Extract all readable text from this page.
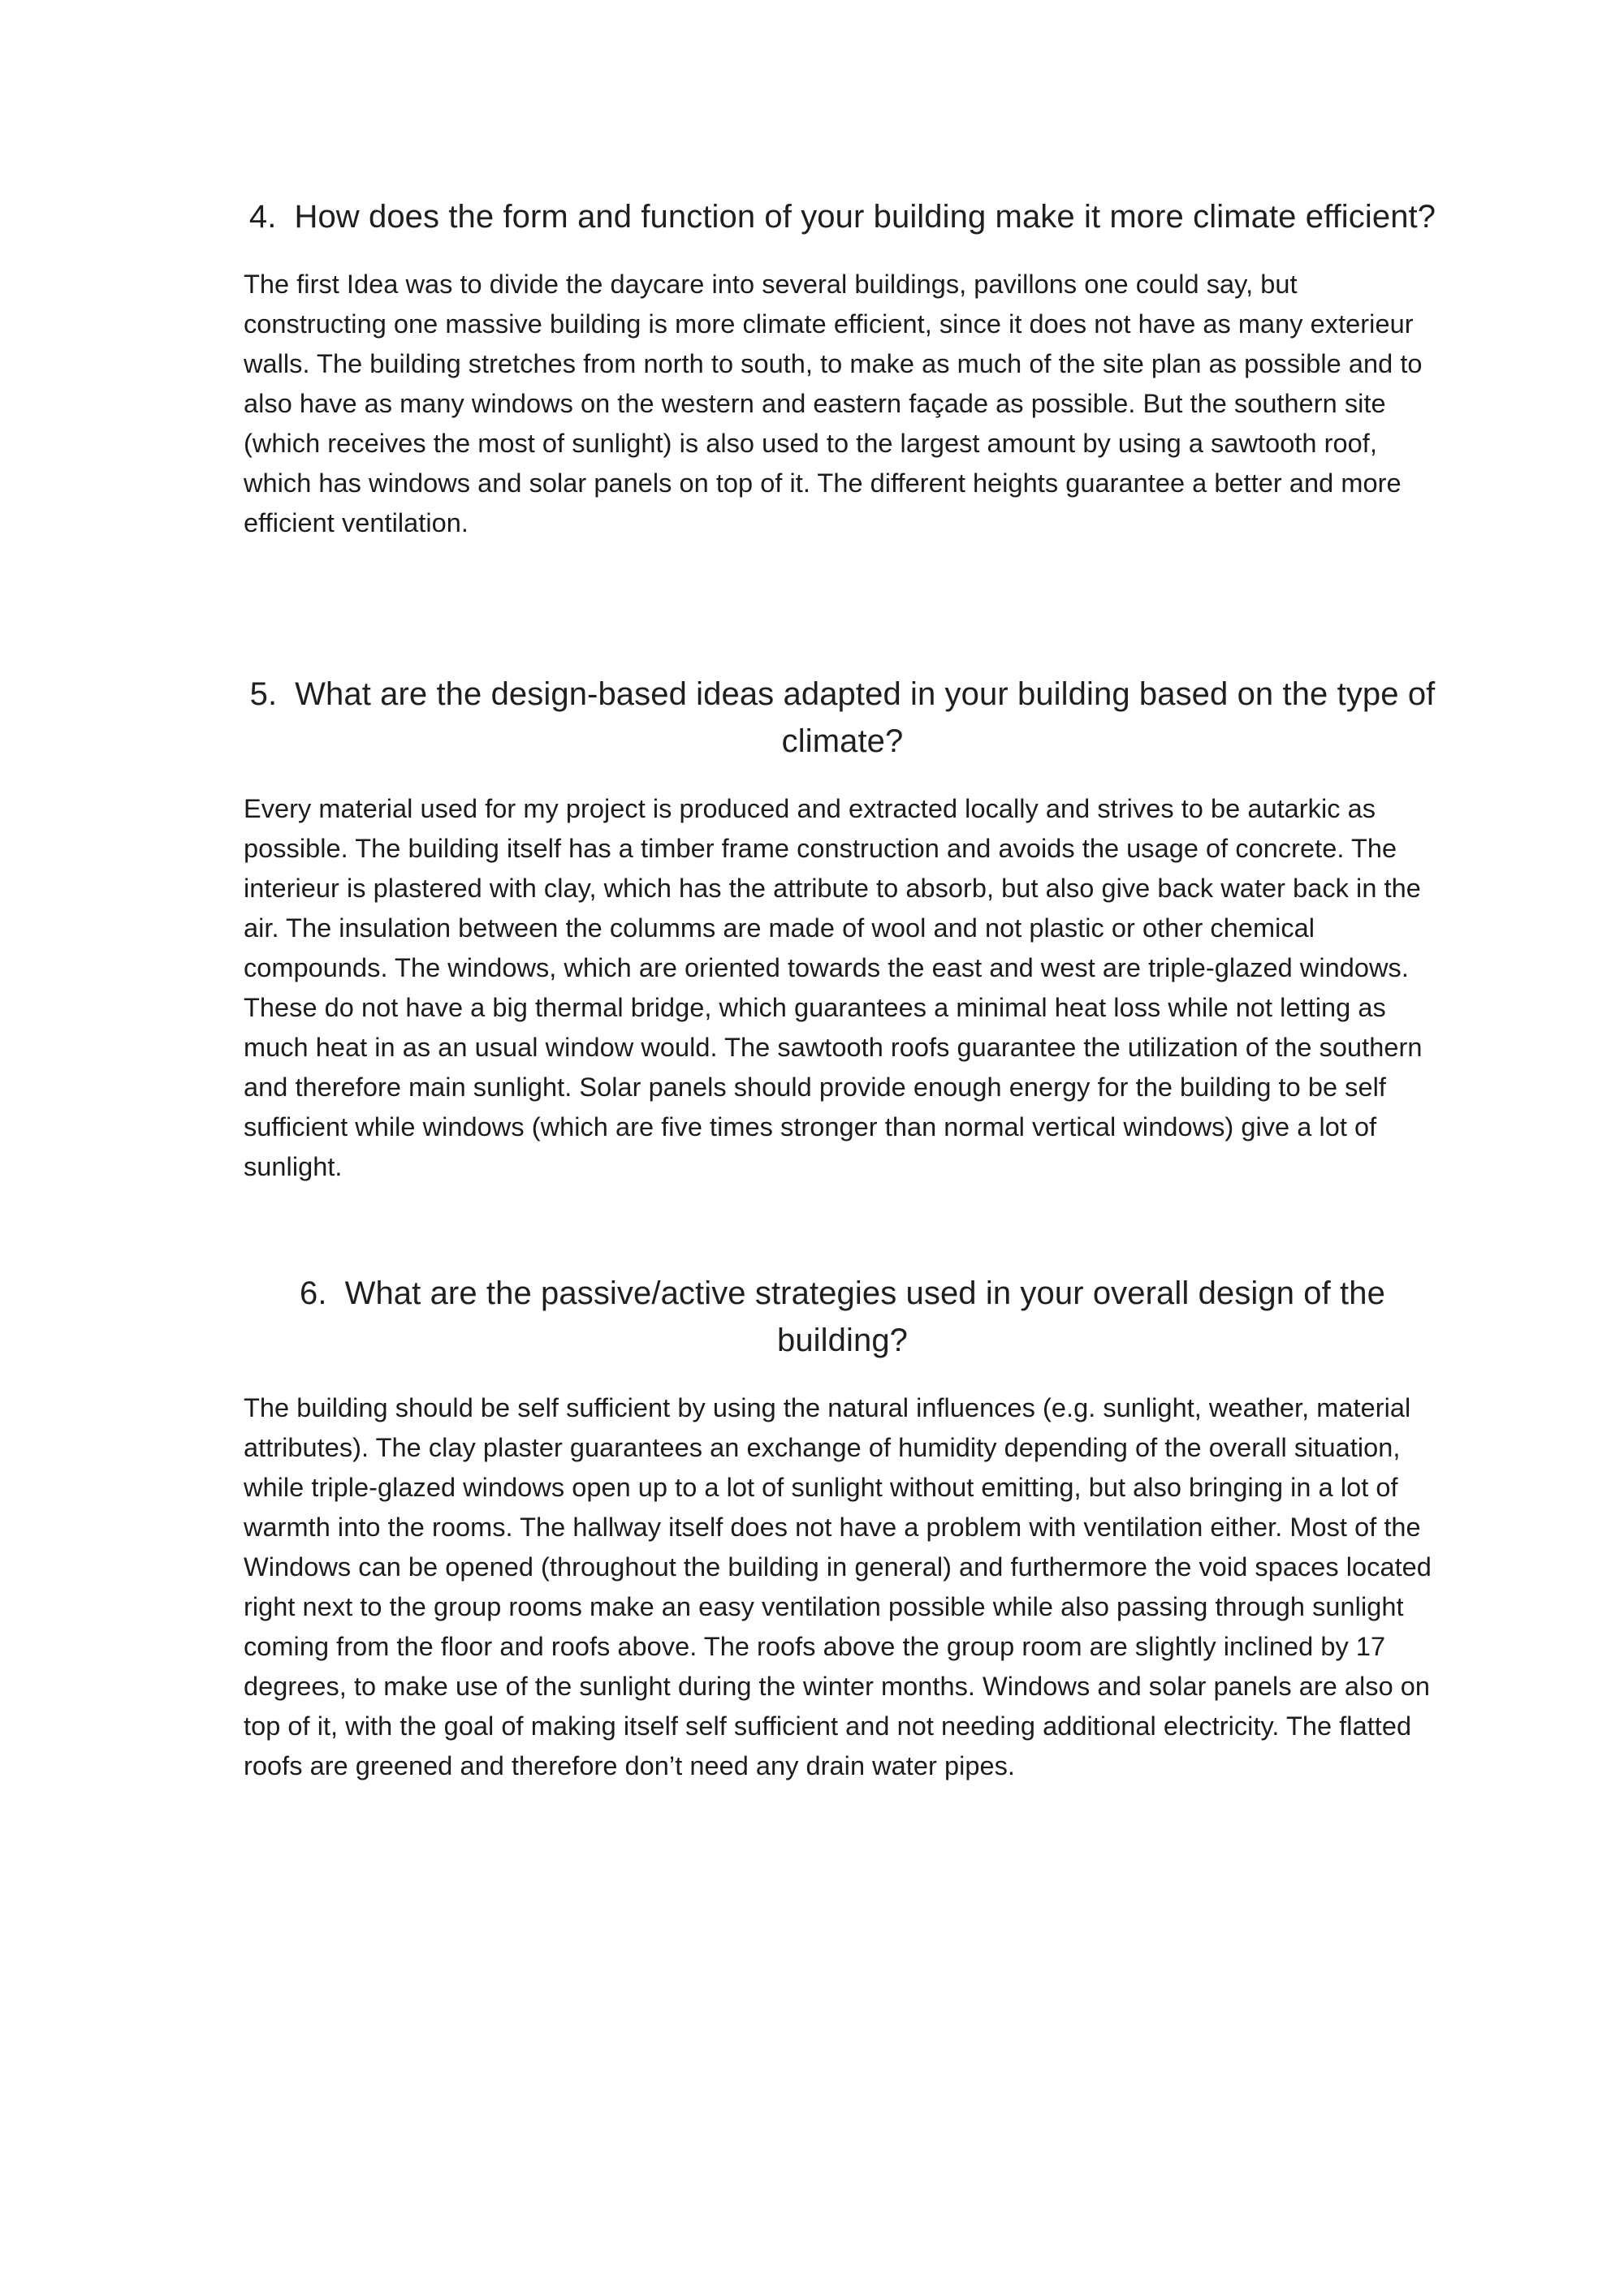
4. How does the form and function of your building make it more climate efficient?

The first Idea was to divide the daycare into several buildings, pavillons one could say, but constructing one massive building is more climate efficient, since it does not have as many exterieur walls. The building stretches from north to south, to make as much of the site plan as possible and to also have as many windows on the western and eastern façade as possible. But the southern site (which receives the most of sunlight) is also used to the largest amount by using a sawtooth roof, which has windows and solar panels on top of it. The different heights guarantee a better and more efficient ventilation.

5. What are the design-based ideas adapted in your building based on the type of climate?

Every material used for my project is produced and extracted locally and strives to be autarkic as possible. The building itself has a timber frame construction and avoids the usage of concrete. The interieur is plastered with clay, which has the attribute to absorb, but also give back water back in the air. The insulation between the columms are made of wool and not plastic or other chemical compounds. The windows, which are oriented towards the east and west are triple-glazed windows. These do not have a big thermal bridge, which guarantees a minimal heat loss while not letting as much heat in as an usual window would. The sawtooth roofs guarantee the utilization of the southern and therefore main sunlight. Solar panels should provide enough energy for the building to be self sufficient while windows (which are five times stronger than normal vertical windows) give a lot of sunlight.

6. What are the passive/active strategies used in your overall design of the building?

The building should be self sufficient by using the natural influences (e.g. sunlight, weather, material attributes). The clay plaster guarantees an exchange of humidity depending of the overall situation, while triple-glazed windows open up to a lot of sunlight without emitting, but also bringing in a lot of warmth into the rooms. The hallway itself does not have a problem with ventilation either. Most of the Windows can be opened (throughout the building in general) and furthermore the void spaces located right next to the group rooms make an easy ventilation possible while also passing through sunlight coming from the floor and roofs above. The roofs above the group room are slightly inclined by 17 degrees, to make use of the sunlight during the winter months. Windows and solar panels are also on top of it, with the goal of making itself self sufficient and not needing additional electricity. The flatted roofs are greened and therefore don’t need any drain water pipes.
